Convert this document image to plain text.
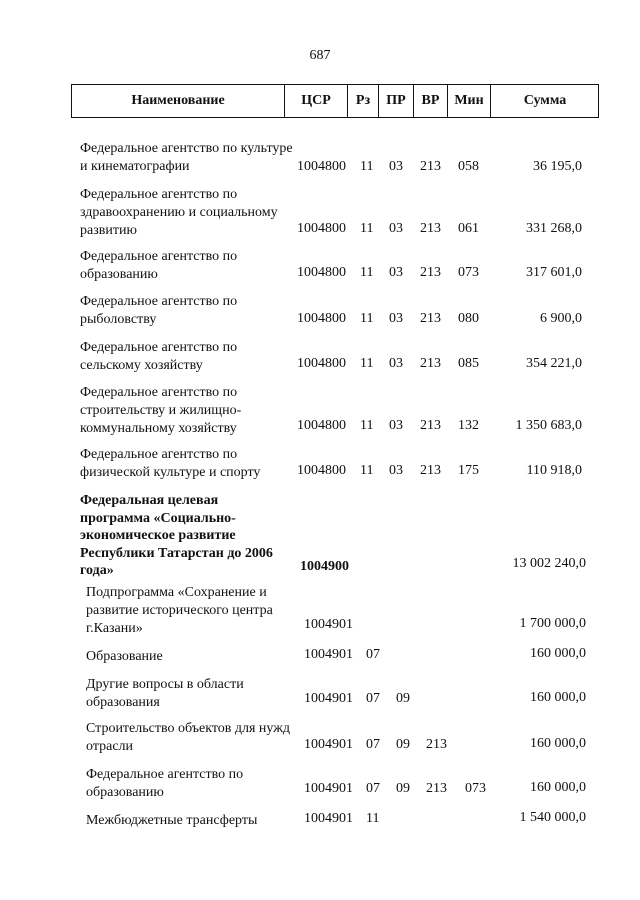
687
Наименование	ЦСР	Рз	ПР	ВР	Мин	Сумма
Федеральное агентство по культуре и кинематографии	1004800 11 03 213 058	36 195,0
Федеральное агентство по здравоохранению и социальному развитию	1004800 11 03 213 061	331 268,0
Федеральное агентство по образованию	1004800 11 03 213 073	317 601,0
Федеральное агентство по рыболовству	1004800 11 03 213 080	6 900,0
Федеральное агентство по сельскому хозяйству	1004800 11 03 213 085	354 221,0
Федеральное агентство по строительству и жилищно-коммунальному хозяйству	1004800 11 03 213 132	1 350 683,0
Федеральное агентство по физической культуре и спорту	1004800 11 03 213 175	110 918,0
Федеральная целевая программа «Социально-экономическое развитие Республики Татарстан до 2006 года»	1004900	13 002 240,0
Подпрограмма «Сохранение и развитие исторического центра г.Казани»	1004901	1 700 000,0
Образование	1004901 07	160 000,0
Другие вопросы в области образования	1004901 07 09	160 000,0
Строительство объектов для нужд отрасли	1004901 07 09 213	160 000,0
Федеральное агентство по образованию	1004901 07 09 213 073	160 000,0
Межбюджетные трансферты	1004901 11	1 540 000,0
